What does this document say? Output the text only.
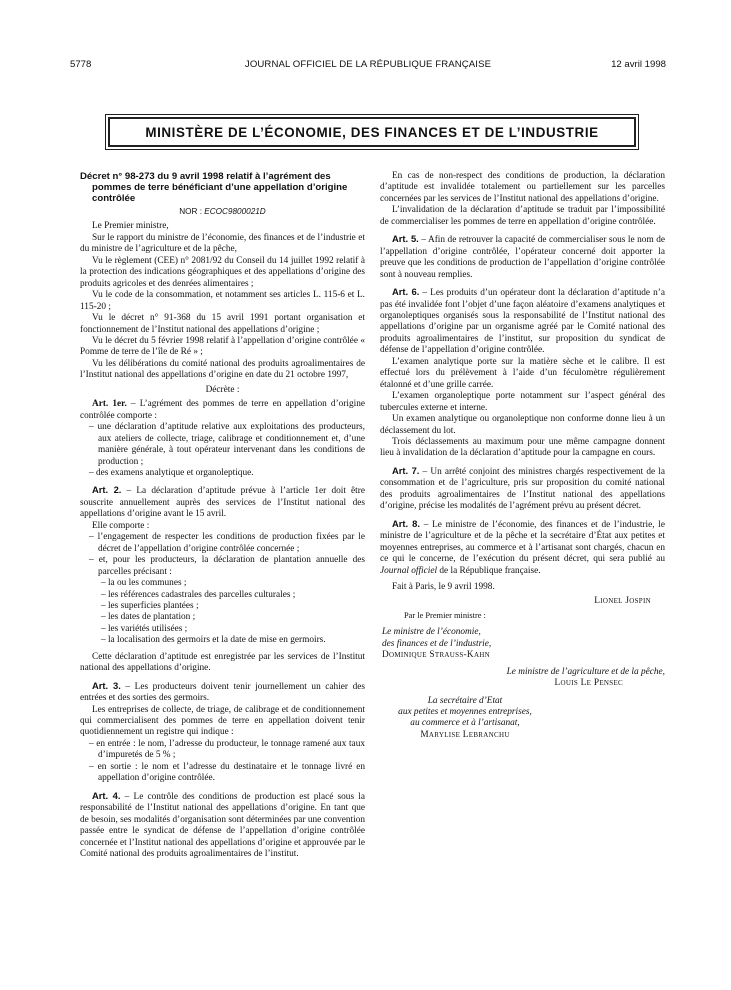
5778	JOURNAL OFFICIEL DE LA RÉPUBLIQUE FRANÇAISE	12 avril 1998
MINISTÈRE DE L’ÉCONOMIE, DES FINANCES ET DE L’INDUSTRIE

Décret n° 98-273 du 9 avril 1998 relatif à l’agrément des pommes de terre bénéficiant d’une appellation d’origine contrôlée

NOR : ECOC9800021D

Le Premier ministre,

Sur le rapport du ministre de l’économie, des finances et de l’industrie et du ministre de l’agriculture et de la pêche,

Vu le règlement (CEE) n° 2081/92 du Conseil du 14 juillet 1992 relatif à la protection des indications géographiques et des appellations d’origine des produits agricoles et des denrées alimentaires ;

Vu le code de la consommation, et notamment ses articles L. 115-6 et L. 115-20 ;

Vu le décret n° 91-368 du 15 avril 1991 portant organisation et fonctionnement de l’Institut national des appellations d’origine ;

Vu le décret du 5 février 1998 relatif à l’appellation d’origine contrôlée « Pomme de terre de l’île de Ré » ;

Vu les délibérations du comité national des produits agroalimentaires de l’Institut national des appellations d’origine en date du 21 octobre 1997,

Décrète :

Art. 1er. – L’agrément des pommes de terre en appellation d’origine contrôlée comporte :

– une déclaration d’aptitude relative aux exploitations des producteurs, aux ateliers de collecte, triage, calibrage et conditionnement et, d’une manière générale, à tout opérateur intervenant dans les conditions de production ;

– des examens analytique et organoleptique.

Art. 2. – La déclaration d’aptitude prévue à l’article 1er doit être souscrite annuellement auprès des services de l’Institut national des appellations d’origine avant le 15 avril.

Elle comporte :

– l’engagement de respecter les conditions de production fixées par le décret de l’appellation d’origine contrôlée concernée ;

– et, pour les producteurs, la déclaration de plantation annuelle des parcelles précisant :

– la ou les communes ;

– les références cadastrales des parcelles culturales ;

– les superficies plantées ;

– les dates de plantation ;

– les variétés utilisées ;

– la localisation des germoirs et la date de mise en germoirs.

Cette déclaration d’aptitude est enregistrée par les services de l’Institut national des appellations d’origine.

Art. 3. – Les producteurs doivent tenir journellement un cahier des entrées et des sorties des germoirs.

Les entreprises de collecte, de triage, de calibrage et de conditionnement qui commercialisent des pommes de terre en appellation doivent tenir quotidiennement un registre qui indique :

– en entrée : le nom, l’adresse du producteur, le tonnage ramené aux taux d’impuretés de 5 % ;

– en sortie : le nom et l’adresse du destinataire et le tonnage livré en appellation d’origine contrôlée.

Art. 4. – Le contrôle des conditions de production est placé sous la responsabilité de l’Institut national des appellations d’origine. En tant que de besoin, ses modalités d’organisation sont déterminées par une convention passée entre le syndicat de défense de l’appellation d’origine contrôlée concernée et l’Institut national des appellations d’origine et approuvée par le Comité national des produits agroalimentaires de l’institut.

En cas de non-respect des conditions de production, la déclaration d’aptitude est invalidée totalement ou partiellement sur les parcelles concernées par les services de l’Institut national des appellations d’origine.

L’invalidation de la déclaration d’aptitude se traduit par l’impossibilité de commercialiser les pommes de terre en appellation d’origine contrôlée.

Art. 5. – Afin de retrouver la capacité de commercialiser sous le nom de l’appellation d’origine contrôlée, l’opérateur concerné doit apporter la preuve que les conditions de production de l’appellation d’origine contrôlée sont à nouveau remplies.

Art. 6. – Les produits d’un opérateur dont la déclaration d’aptitude n’a pas été invalidée font l’objet d’une façon aléatoire d’examens analytiques et organoleptiques organisés sous la responsabilité de l’Institut national des appellations d’origine par un organisme agréé par le Comité national des produits agroalimentaires de l’institut, sur proposition du syndicat de défense de l’appellation d’origine contrôlée.

L’examen analytique porte sur la matière sèche et le calibre. Il est effectué lors du prélèvement à l’aide d’un féculomètre régulièrement étalonné et d’une grille carrée.

L’examen organoleptique porte notamment sur l’aspect général des tubercules externe et interne.

Un examen analytique ou organoleptique non conforme donne lieu à un déclassement du lot.

Trois déclassements au maximum pour une même campagne donnent lieu à invalidation de la déclaration d’aptitude pour la campagne en cours.

Art. 7. – Un arrêté conjoint des ministres chargés respectivement de la consommation et de l’agriculture, pris sur proposition du comité national des produits agroalimentaires de l’Institut national des appellations d’origine, précise les modalités de l’agrément prévu au présent décret.

Art. 8. – Le ministre de l’économie, des finances et de l’industrie, le ministre de l’agriculture et de la pêche et la secrétaire d’État aux petites et moyennes entreprises, au commerce et à l’artisanat sont chargés, chacun en ce qui le concerne, de l’exécution du présent décret, qui sera publié au Journal officiel de la République française.

Fait à Paris, le 9 avril 1998.

Lionel Jospin

Par le Premier ministre :

Le ministre de l’économie,

des finances et de l’industrie,

Dominique Strauss-Kahn

Le ministre de l’agriculture et de la pêche,

Louis Le Pensec

La secrétaire d’Etat

aux petites et moyennes entreprises,

au commerce et à l’artisanat,

Marylise Lebranchu
